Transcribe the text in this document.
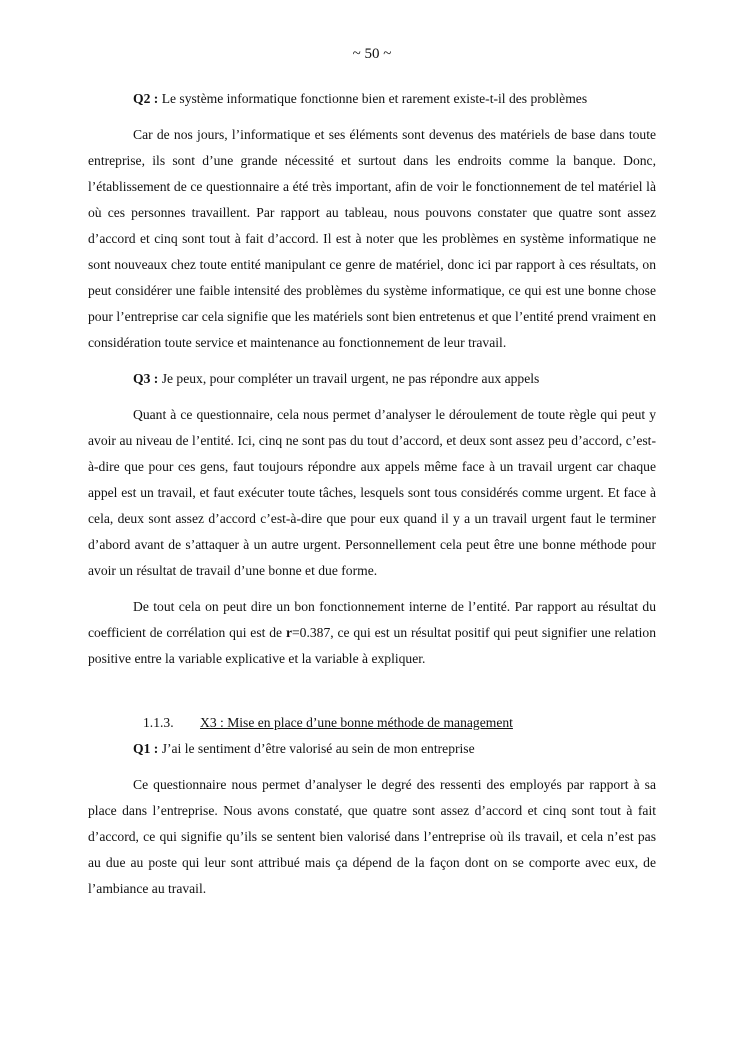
~ 50 ~

Q2 : Le système informatique fonctionne bien et rarement existe-t-il des problèmes

Car de nos jours, l’informatique et ses éléments sont devenus des matériels de base dans toute entreprise, ils sont d’une grande nécessité et surtout dans les endroits comme la banque. Donc, l’établissement de ce questionnaire a été très important, afin de voir le fonctionnement de tel matériel là où ces personnes travaillent. Par rapport au tableau, nous pouvons constater que quatre sont assez d’accord et cinq sont tout à fait d’accord. Il est à noter que les problèmes en système informatique ne sont nouveaux chez toute entité manipulant ce genre de matériel, donc ici par rapport à ces résultats, on peut considérer une faible intensité des problèmes du système informatique, ce qui est une bonne chose pour l’entreprise car cela signifie que les matériels sont bien entretenus et que l’entité prend vraiment en considération toute service et maintenance au fonctionnement de leur travail.

Q3 : Je peux, pour compléter un travail urgent, ne pas répondre aux appels

Quant à ce questionnaire, cela nous permet d’analyser le déroulement de toute règle qui peut y avoir au niveau de l’entité. Ici, cinq ne sont pas du tout d’accord, et deux sont assez peu d’accord, c’est-à-dire que pour ces gens, faut toujours répondre aux appels même face à un travail urgent car chaque appel est un travail, et faut exécuter toute tâches, lesquels sont tous considérés comme urgent. Et face à cela, deux sont assez d’accord c’est-à-dire que pour eux quand il y a un travail urgent faut le terminer d’abord avant de s’attaquer à un autre urgent. Personnellement cela peut être une bonne méthode pour avoir un résultat de travail d’une bonne et due forme.

De tout cela on peut dire un bon fonctionnement interne de l’entité. Par rapport au résultat du coefficient de corrélation qui est de r=0.387, ce qui est un résultat positif qui peut signifier une relation positive entre la variable explicative et la variable à expliquer.

1.1.3. X3 : Mise en place d’une bonne méthode de management

Q1 : J’ai le sentiment d’être valorisé au sein de mon entreprise

Ce questionnaire nous permet d’analyser le degré des ressenti des employés par rapport à sa place dans l’entreprise. Nous avons constaté, que quatre sont assez d’accord et cinq sont tout à fait d’accord, ce qui signifie qu’ils se sentent bien valorisé dans l’entreprise où ils travail, et cela n’est pas au due au poste qui leur sont attribué mais ça dépend de la façon dont on se comporte avec eux, de l’ambiance au travail.
